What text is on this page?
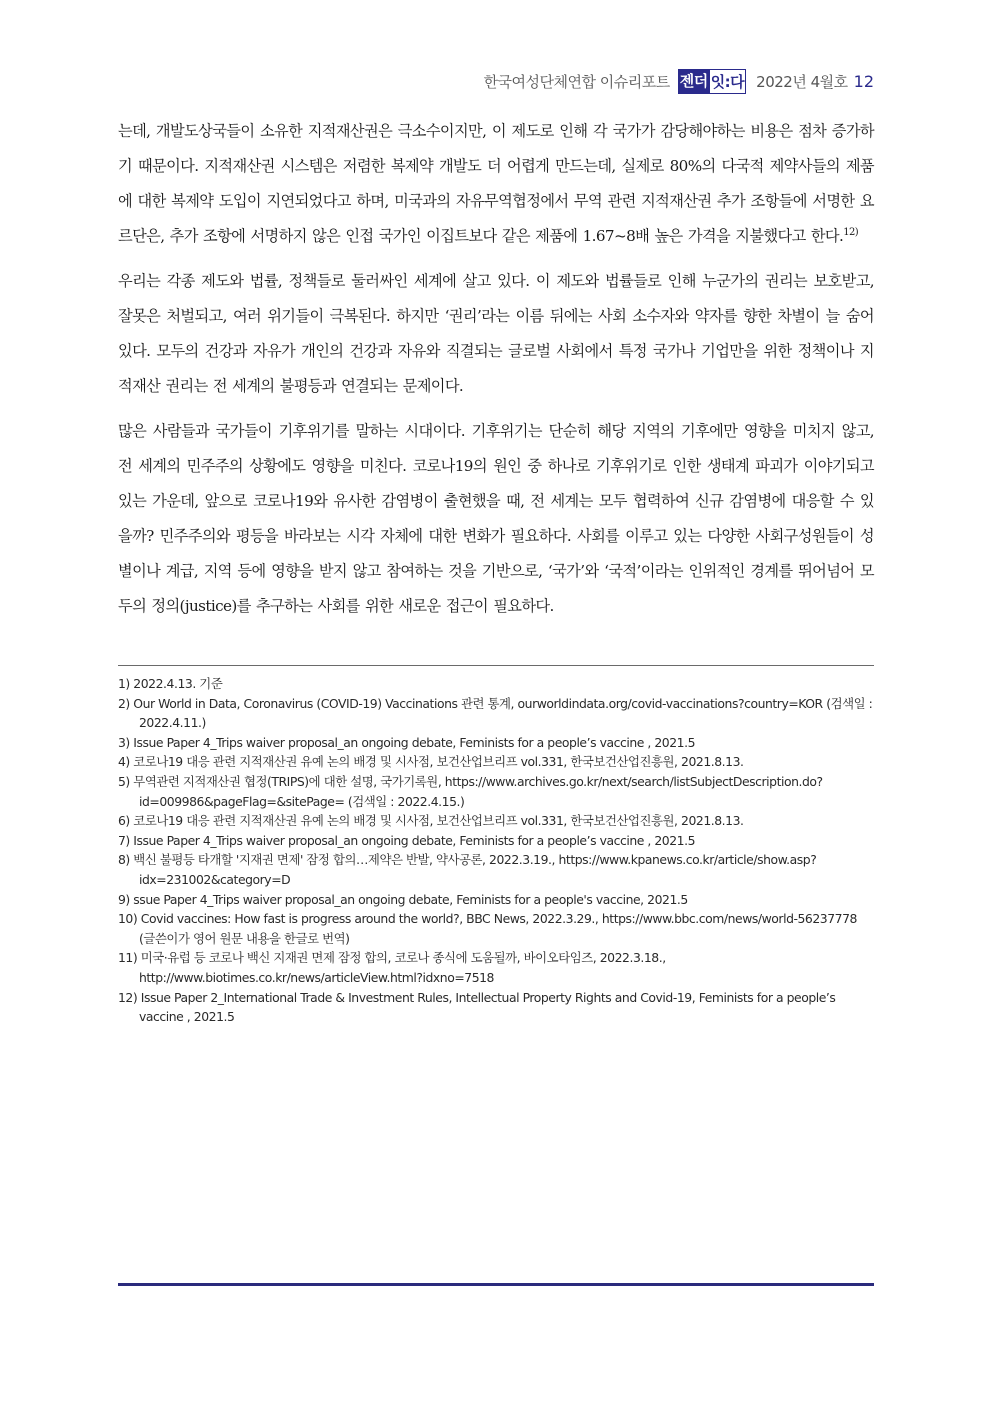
한국여성단체연합 이슈리포트 젠더 잇:다 2022년 4월호 12

는데, 개발도상국들이 소유한 지적재산권은 극소수이지만, 이 제도로 인해 각 국가가 감당해야하는 비용은 점차 증가하기 때문이다. 지적재산권 시스템은 저렴한 복제약 개발도 더 어렵게 만드는데, 실제로 80%의 다국적 제약사들의 제품에 대한 복제약 도입이 지연되었다고 하며, 미국과의 자유무역협정에서 무역 관련 지적재산권 추가 조항들에 서명한 요르단은, 추가 조항에 서명하지 않은 인접 국가인 이집트보다 같은 제품에 1.67~8배 높은 가격을 지불했다고 한다.$^{12)}$

우리는 각종 제도와 법률, 정책들로 둘러싸인 세계에 살고 있다. 이 제도와 법률들로 인해 누군가의 권리는 보호받고, 잘못은 처벌되고, 여러 위기들이 극복된다. 하지만 ‘권리’라는 이름 뒤에는 사회 소수자와 약자를 향한 차별이 늘 숨어있다. 모두의 건강과 자유가 개인의 건강과 자유와 직결되는 글로벌 사회에서 특정 국가나 기업만을 위한 정책이나 지적재산 권리는 전 세계의 불평등과 연결되는 문제이다.

많은 사람들과 국가들이 기후위기를 말하는 시대이다. 기후위기는 단순히 해당 지역의 기후에만 영향을 미치지 않고, 전 세계의 민주주의 상황에도 영향을 미친다. 코로나19의 원인 중 하나로 기후위기로 인한 생태계 파괴가 이야기되고 있는 가운데, 앞으로 코로나19와 유사한 감염병이 출현했을 때, 전 세계는 모두 협력하여 신규 감염병에 대응할 수 있을까? 민주주의와 평등을 바라보는 시각 자체에 대한 변화가 필요하다. 사회를 이루고 있는 다양한 사회구성원들이 성별이나 계급, 지역 등에 영향을 받지 않고 참여하는 것을 기반으로, ‘국가’와 ‘국적’이라는 인위적인 경계를 뛰어넘어 모두의 정의(justice)를 추구하는 사회를 위한 새로운 접근이 필요하다.

1) 2022.4.13. 기준
2) Our World in Data, Coronavirus (COVID-19) Vaccinations 관련 통계, ourworldindata.org/covid-vaccinations?country=KOR (검색일 : 2022.4.11.)
3) Issue Paper 4_Trips waiver proposal_an ongoing debate, Feminists for a people’s vaccine , 2021.5
4) 코로나19 대응 관련 지적재산권 유예 논의 배경 및 시사점, 보건산업브리프 vol.331, 한국보건산업진흥원, 2021.8.13.
5) 무역관련 지적재산권 협정(TRIPS)에 대한 설명, 국가기록원, https://www.archives.go.kr/next/search/listSubjectDescription.do?id=009986&pageFlag=&sitePage= (검색일 : 2022.4.15.)
6) 코로나19 대응 관련 지적재산권 유예 논의 배경 및 시사점, 보건산업브리프 vol.331, 한국보건산업진흥원, 2021.8.13.
7) Issue Paper 4_Trips waiver proposal_an ongoing debate, Feminists for a people’s vaccine , 2021.5
8) 백신 불평등 타개할 '지재권 면제' 잠정 합의…제약은 반발, 약사공론, 2022.3.19., https://www.kpanews.co.kr/article/show.asp?idx=231002&category=D
9) ssue Paper 4_Trips waiver proposal_an ongoing debate, Feminists for a people's vaccine, 2021.5
10) Covid vaccines: How fast is progress around the world?, BBC News, 2022.3.29., https://www.bbc.com/news/world-56237778 (글쓴이가 영어 원문 내용을 한글로 번역)
11) 미국·유럽 등 코로나 백신 지재권 면제 잠정 합의, 코로나 종식에 도움될까, 바이오타임즈, 2022.3.18., http://www.biotimes.co.kr/news/articleView.html?idxno=7518
12) Issue Paper 2_International Trade & Investment Rules, Intellectual Property Rights and Covid-19, Feminists for a people’s vaccine , 2021.5
